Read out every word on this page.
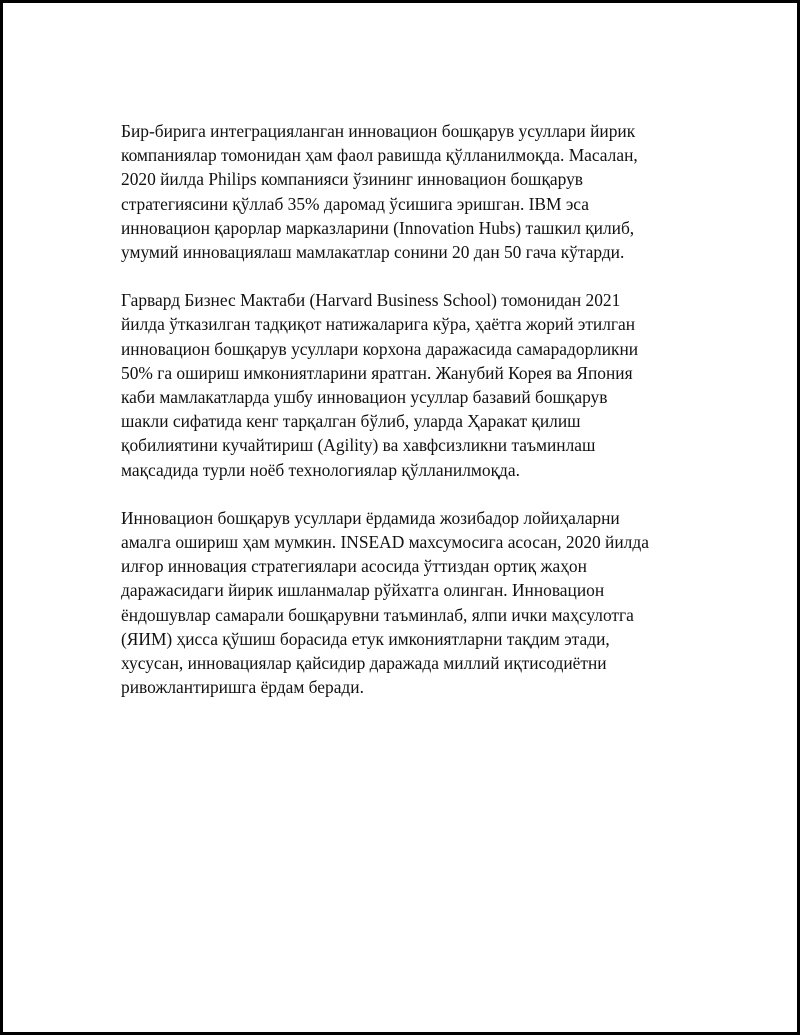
Бир-бирига интеграцияланган инновацион бошқарув усуллари йирик
компаниялар томонидан ҳам фаол равишда қўлланилмоқда. Масалан,
2020 йилда Philips компанияси ўзининг инновацион бошқарув
стратегиясини қўллаб 35% даромад ўсишига эришган. IBM эса
инновацион қарорлар марказларини (Innovation Hubs) ташкил қилиб,
умумий инновациялаш мамлакатлар сонини 20 дан 50 гача кўтарди.

Гарвард Бизнес Мактаби (Harvard Business School) томонидан 2021
йилда ўтказилган тадқиқот натижаларига кўра, ҳаётга жорий этилган
инновацион бошқарув усуллари корхона даражасида самарадорликни
50% га ошириш имкониятларини яратган. Жанубий Корея ва Япония
каби мамлакатларда ушбу инновацион усуллар базавий бошқарув
шакли сифатида кенг тарқалган бўлиб, уларда Ҳаракат қилиш
қобилиятини кучайтириш (Agility) ва хавфсизликни таъминлаш
мақсадида турли ноёб технологиялар қўлланилмоқда.

Инновацион бошқарув усуллари ёрдамида жозибадор лойиҳаларни
амалга ошириш ҳам мумкин. INSEAD махсумосига асосан, 2020 йилда
илғор инновация стратегиялари асосида ўттиздан ортиқ жаҳон
даражасидаги йирик ишланмалар рўйхатга олинган. Инновацион
ёндошувлар самарали бошқарувни таъминлаб, ялпи ички маҳсулотга
(ЯИМ) ҳисса қўшиш борасида етук имкониятларни тақдим этади,
хусусан, инновациялар қайсидир даражада миллий иқтисодиётни
ривожлантиришга ёрдам беради.
